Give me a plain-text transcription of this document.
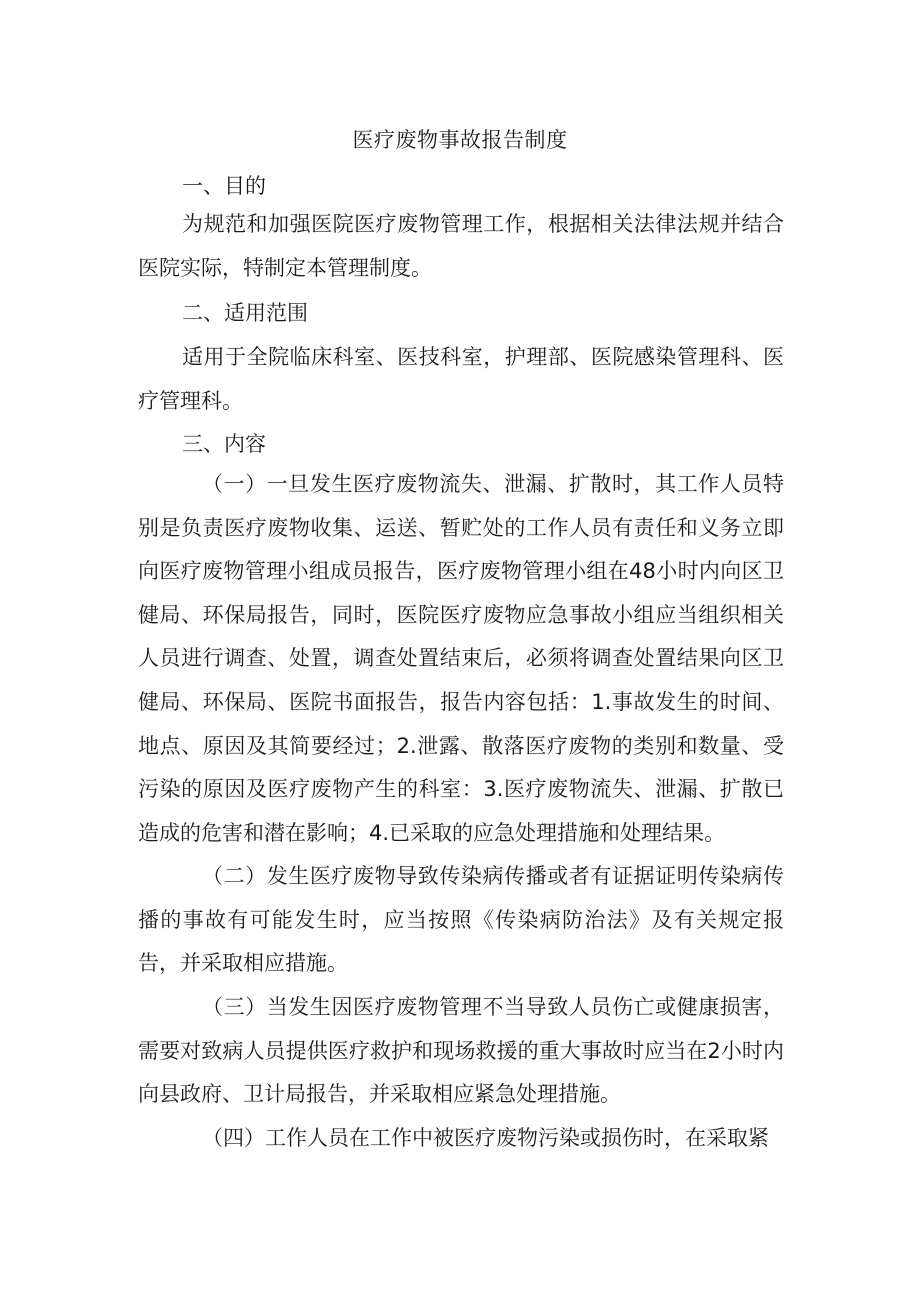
医疗废物事故报告制度
一、目的

为规范和加强医院医疗废物管理工作，根据相关法律法规并结合医院实际，特制定本管理制度。

二、适用范围

适用于全院临床科室、医技科室，护理部、医院感染管理科、医疗管理科。

三、内容

（一）一旦发生医疗废物流失、泄漏、扩散时，其工作人员特别是负责医疗废物收集、运送、暂贮处的工作人员有责任和义务立即向医疗废物管理小组成员报告，医疗废物管理小组在48小时内向区卫健局、环保局报告，同时，医院医疗废物应急事故小组应当组织相关人员进行调查、处置，调查处置结束后，必须将调查处置结果向区卫健局、环保局、医院书面报告，报告内容包括：1.事故发生的时间、地点、原因及其简要经过；2.泄露、散落医疗废物的类别和数量、受污染的原因及医疗废物产生的科室：3.医疗废物流失、泄漏、扩散已造成的危害和潜在影响；4.已采取的应急处理措施和处理结果。

（二）发生医疗废物导致传染病传播或者有证据证明传染病传播的事故有可能发生时，应当按照《传染病防治法》及有关规定报告，并采取相应措施。

（三）当发生因医疗废物管理不当导致人员伤亡或健康损害，需要对致病人员提供医疗救护和现场救援的重大事故时应当在2小时内向县政府、卫计局报告，并采取相应紧急处理措施。

（四）工作人员在工作中被医疗废物污染或损伤时，在采取紧
